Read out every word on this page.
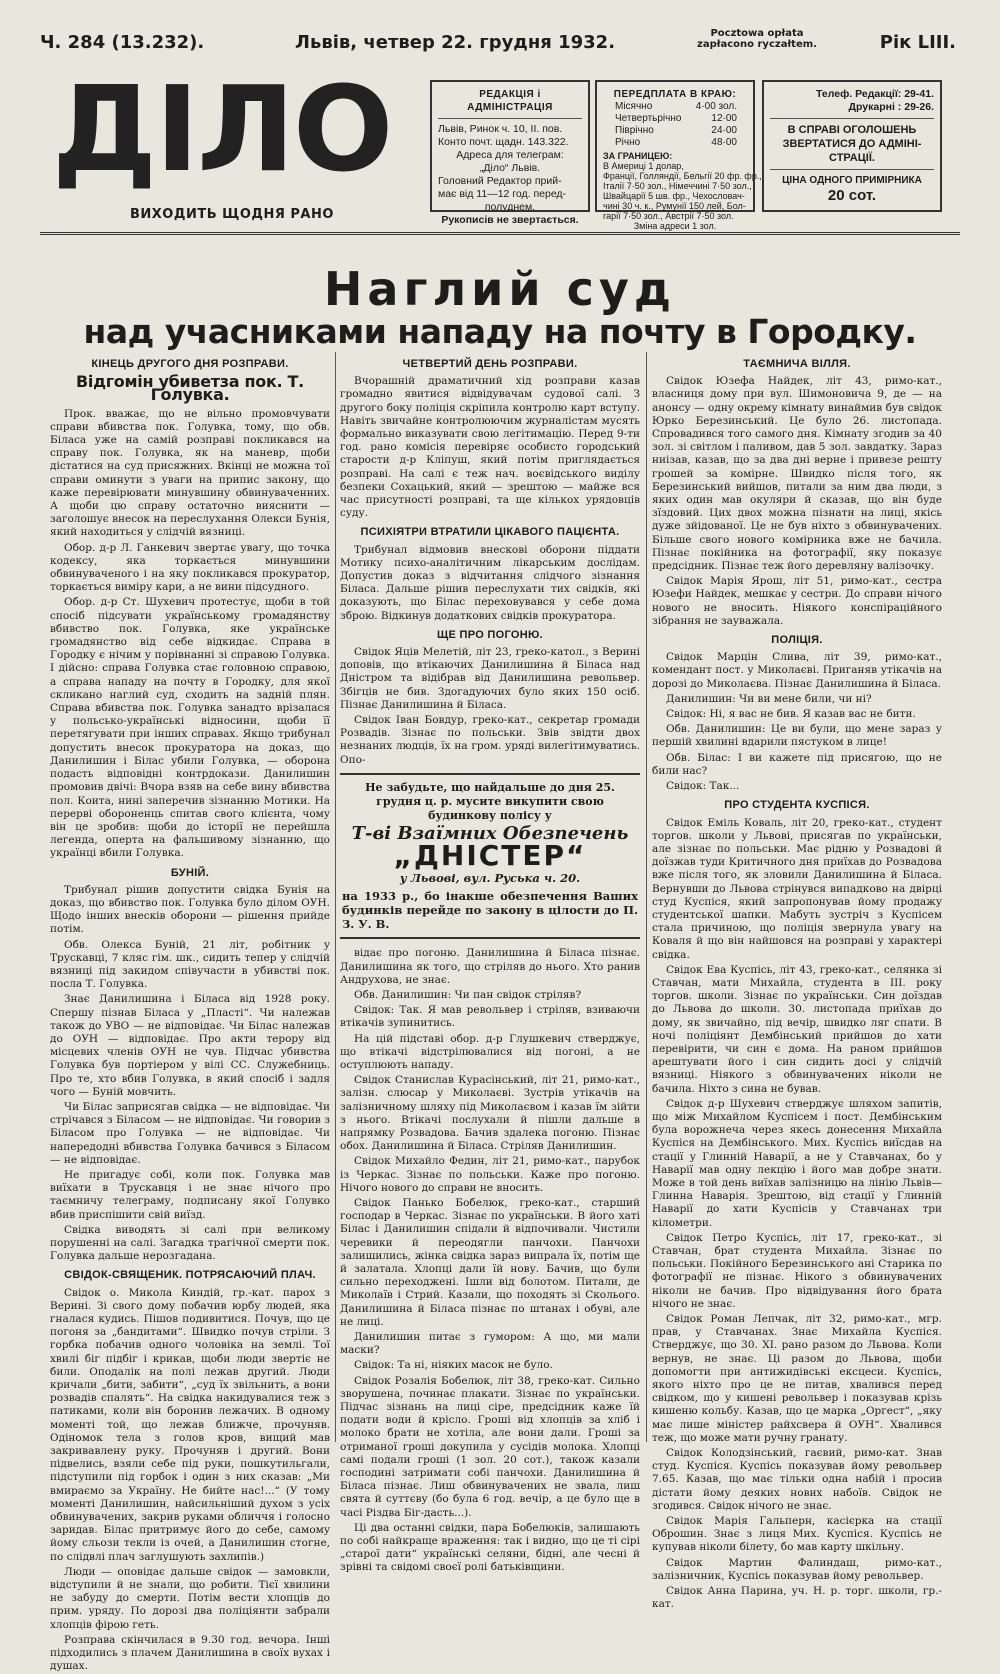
Ч. 284 (13.232).	Львів, четвер 22. грудня 1932.	Pocztowa opłata
zapłacono ryczałtem.	Рік LIII.
ДІЛО
ВИХОДИТЬ ЩОДНЯ РАНО
РЕДАКЦІЯ і АДМІНІСТРАЦІЯ
Львів, Ринок ч. 10, II. пов.
Конто почт. щадн. 143.322.
Адреса для телеграм:
„Діло“ Львів.
Головний Редактор прий-
має від 11—12 год. перед-
полуднем.
Рукописів не звертається.
ПЕРЕДПЛАТА В КРАЮ:
Місячно	4·00 зол.
Четвертьрічно	12·00
Піврічно	24·00
Річно	48·00
ЗА ГРАНИЦЕЮ:
В Америці 1 долар,
Франції, Голляндії, Бельгії 20 фр. фр.,
Італії 7·50 зол., Німеччині 7·50 зол.,
Швайцарії 5 шв. фр., Чехословач-
чині 30 ч. к., Румунії 150 лей, Бол-
гарії 7·50 зол., Австрії 7·50 зол.
Зміна адреси 1 зол.
Телеф. Редакції: 29-41.
Друкарні : 29-26.
В СПРАВІ ОГОЛОШЕНЬ ЗВЕРТАТИСЯ ДО АДМІНІ-СТРАЦІЇ.
ЦІНА ОДНОГО ПРИМІРНИКА
20 сот.
Наглий суд
над учасниками нападу на почту в Городку.
КІНЕЦЬ ДРУГОГО ДНЯ РОЗПРАВИ.
Відгомін убиветза пок. Т. Голувка.

Прок. вважає, що не вільно промовчувати справи вбивства пок. Голувка, тому, що обв. Біласа уже на самій розправі покликався на справу пок. Голувка, як на маневр, щоби дістатися на суд присяжних. Вкінці не можна тої справи оминути з уваги на припис закону, що каже перевірювати минувшину обвинуваченних. А щоби цю справу остаточно вияснити — заголошує внесок на переслухання Олекси Бунія, який находиться у слідчій вязниці.

Обор. д-р Л. Ганкевич звертає увагу, що точка кодексу, яка торкається минувшини обвинуваченого і на яку покликався прокуратор, торкається виміру кари, а не вини підсудного.

Обор. д-р Ст. Шухевич протестує, щоби в той спосіб підсувати українському громадянству вбивство пок. Голувка, яке українське громадянство від себе відкидає. Справа в Городку є нічим у порівнанні зі справою Голувка. І дійсно: справа Голувка стає головною справою, а справа нападу на почту в Городку, для якої скликано наглий суд, сходить на задній плян. Справа вбивства пок. Голувка занадто врізалася у польсько-українські відносини, щоби її перетягувати при інших справах. Якщо трибунал допустить внесок прокуратора на доказ, що Данилишин і Білас убили Голувка, — оборона подасть відповідні контрдокази. Данилишин промовив двічі: Вчора взяв на себе вину вбивства пол. Коита, нині заперечив зізнанню Мотики. На перерві обороненць спитав свого клієнта, чому він це зробив: щоби до історії не перейшла легенда, оперта на фальшивому зізнанню, що українці вбили Голувка.

БУНІЙ.

Трибунал рішив допустити свідка Бунія на доказ, що вбивство пок. Голувка було ділом ОУН. Щодо інших внесків оборони — рішення прийде потім.

Обв. Олекса Буній, 21 літ, робітник у Трускавці, 7 кляс гім. шк., сидить тепер у слідчій вязниці під закидом співучасти в убивстві пок. посла Т. Голувка.

Знає Данилишина і Біласа від 1928 року. Спершу пізнав Біласа у „Пласті“. Чи належав також до УВО — не відповідає. Чи Білас належав до ОУН — відповідає. Про акти терору від місцевих членів ОУН не чув. Підчас убивства Голувка був портіером у вілі СС. Служебниць. Про те, хто вбив Голувка, в який спосіб і задля чого — Буній мовчить.

Чи Білас заприсягав свідка — не відповідає. Чи стрічався з Біласом — не відповідає. Чи говорив з Біласом про Голувка — не відповідає. Чи напередодні вбивства Голувка бачився з Біласом — не відповідає.

Не пригадує собі, коли пок. Голувка мав виїхати в Трускавця і не знає нічого про таємничу телеграму, подписану якої Голувко вбив приспішити свій виїзд.

Свідка виводять зі салі при великому порушенні на салі. Загадка трагічної смерти пок. Голувка дальше нерозгадана.

СВІДОК-СВЯЩЕНИК. ПОТРЯСАЮЧИЙ ПЛАЧ.

Свідок о. Микола Киндій, гр.-кат. парох з Верині. Зі свого дому побачив юрбу людей, яка гналася кудись. Пішов подивитися. Почув, що це погоня за „бандитами“. Швидко почув стріли. З горбка побачив одного чоловіка на землі. Тої хвилі біг підбіг і крикав, щоби люди звертіє не били. Оподалік на полі лежав другий. Люди кричали „бити, забити“, „суд їх звільнить, а вони розвадів спалять“. На свідка накидувалися теж з патиками, коли він боронив лежачих. В одному моменті той, що лежав ближче, прочуняв. Одіномок тела з голов кров, вищий мав закривавлену руку. Прочуняв і другий. Вони підвелись, взяли себе під руки, пошкутильгали, підступили під горбок і один з них сказав: „Ми вмираємо за Україну. Не бийте нас!...“ (У тому моменті Данилишин, найсильніший духом з усіх обвинувачених, закрив руками обличчя і голосно заридав. Білас притримує його до себе, самому йому сльози текли із очей, а Данилишин стогне, по слідвлі плач заглушують захлипів.)

Люди — оповідає дальше свідок — замовкли, відступили й не знали, що робити. Тієї хвилини не забуду до смерти. Потім вести хлопців до прим. уряду. По дорозі два поліціянти забрали хлопців фірою геть.

Розправа скінчилася в 9.30 год. вечора. Інші підходились з плачем Данилишина в своїх вухах і душах.

ЧЕТВЕРТИЙ ДЕНЬ РОЗПРАВИ.

Вчорашній драматичний хід розправи казав громадно явитися відвідувачам судової салі. З другого боку поліція скріпила контролю карт вступу. Навіть звичайне контролюючим журналістам мусять формально виказувати свою легітимацію. Перед 9-ти год. рано комісія перевіряє особисто городський старости д-р Кліпуш, який потім приглядається розправі. На салі є теж нач. воєвідського виділу безпеки Сохацький, який — зрештою — майже вся час присутності розправі, та ще кількох урядовців суду.

ПСИХІЯТРИ ВТРАТИЛИ ЦІКАВОГО ПАЦІЄНТА.

Трибунал відмовив внескові оборони піддати Мотику психо-аналітичним лікарським дослідам. Допустив доказ з відчитання слідчого зізнання Біласа. Дальше рішив переслухати тих свідків, які доказують, що Білас переховувався у себе дома зброю. Відкинув додаткових свідків прокуратора.

ЩЕ ПРО ПОГОНЮ.

Свідок Яців Мелетій, літ 23, греко-катол., з Верині доповів, що втікаючих Данилишина й Біласа над Дністром та відібрав від Данилишина револьвер. Збігців не бив. Здогадуючих було яких 150 осіб. Пізнає Данилишина й Біласа.

Свідок Іван Бовдур, греко-кат., секретар громади Розвадів. Зізнає по польськи. Звів звідти двох незнаних людців, їх на гром. уряді вилегітимуватись. Опо-

Не забудьте, що найдальше до дня 25. грудня ц. р. мусите викупити свою будинкову полісу у
Т-ві Взаїмних Обезпечень
„ДНІСТЕР“
у Львові, вул. Руська ч. 20.
на 1933 р., бо інакше обезпечення Ваших будинків перейде по закону в цілости до П. З. У. В.

відає про погоню. Данилишина й Біласа пізнає. Данилишина як того, що стріляв до нього. Хто ранив Андрухова, не знає.

Обв. Данилишин: Чи пан свідок стріляв?

Свідок: Так. Я мав револьвер і стріляв, взиваючи втікачів зупинитись.

На цій підставі обор. д-р Глушкевич стверджує, що втікачі відстрілювалися від погоні, а не оступлюють нападу.

Свідок Станислав Курасінський, літ 21, римо-кат., залізн. слюсар у Миколаєві. Зустрів утікачів на залізничному шляху під Миколаєвом і казав їм зійти з нього. Втікачі послухали й пішли дальше в напрямку Розвадова. Бачив здалека погоню. Пізнає обох. Данилишина й Біласа. Стріляв Данилишин.

Свідок Михайло Федин, літ 21, римо-кат., парубок із Черкас. Зізнає по польськи. Каже про погоню. Нічого нового до справи не вносить.

Свідок Панько Бобелюк, греко-кат., старший господар в Черкас. Зізнає по українськи. В його хаті Білас і Данилишин спідали й відпочивали. Чистили черевики й переодягли панчохи. Панчохи залишились, жінка свідка зараз випрала їх, потім ще й залатала. Хлопці дали їй нову. Бачив, що були сильно переходжені. Ішли від болотом. Питали, де Миколаїв і Стрий. Казали, що походять зі Сколього. Данилишина й Біласа пізнає по штанах і обуві, але не лиці.

Данилишин питає з гумором: А що, ми мали маски?

Свідок: Та ні, ніяких масок не було.

Свідок Розалія Бобелюк, літ 38, греко-кат. Сильно зворушена, починає плакати. Зізнає по українськи. Підчас зізнань на лиці сіре, предсідник каже їй подати води й крісло. Гроші від хлопців за хліб і молоко брати не хотіла, але вони дали. Гроші за отриманої гроші докупила у сусідів молока. Хлопці самі подали гроші (1 зол. 20 сот.), також казали господині затримати собі панчохи. Данилишина й Біласа пізнає. Лиш обвинувачених не звала, лиш свята й суттєву (бо була 6 год. вечір, а це було ще в часі Різдва Біг-дасть...).

Ці два останні свідки, пара Бобелюків, залишають по собі найкраще враження: так і видно, що це ті сірі „старої дати“ українські селяни, бідні, але чесні й зрівні та свідомі своєї ролі батьківщини.

ТАЄМНИЧА ВІЛЛЯ.

Свідок Юзефа Найдек, літ 43, римо-кат., власниця дому при вул. Шимоновича 9, де — на анонсу — одну окрему кімнату винаймив був свідок Юрко Березинський. Це було 26. листопада. Спровадився того самого дня. Кімнату згодив за 40 зол. зі світлом і паливом, дав 5 зол. завдатку. Зараз ниізав, казав, що за два дні верне і привезе решту грошей за комірне. Швидко після того, як Березинський вийшов, питали за ним два люди, з яких один мав окуляри й сказав, що він буде зїздовий. Цих двох можна пізнати на лиці, якісь дуже зйідованої. Це не був ніхто з обвинувачених. Більше свого нового комірника вже не бачила. Пізнає покійника на фотографії, яку показує предсідник. Пізнає теж його деревляну валізочку.

Свідок Марія Ярош, літ 51, римо-кат., сестра Юзефи Найдек, мешкає у сестри. До справи нічого нового не вносить. Ніякого конспіраційного зібрання не зауважала.

ПОЛІЦІЯ.

Свідок Марцін Слива, літ 39, римо-кат., комендант пост. у Миколаєві. Приганяв утікачів на дорозі до Миколаєва. Пізнає Данилишина й Біласа.

Данилишин: Чи ви мене били, чи ні?

Свідок: Ні, я вас не бив. Я казав вас не бити.

Обв. Данилишин: Це ви були, що мене зараз у першій хвилині вдарили пястуком в лице!

Обв. Білас: І ви кажете під присягою, що не били нас?

Свідок: Так...

ПРО СТУДЕНТА КУСПІСЯ.

Свідок Еміль Коваль, літ 20, греко-кат., студент торгов. школи у Львові, присягав по українськи, але зізнає по польськи. Має рідню у Розвадові й доїзжав туди Критичного дня приїхав до Розвадова вже після того, як зловили Данилишина й Біласа. Вернувши до Львова стрінувся випадково на двірці студ Куспіся, який запропонував йому продажу студентської шапки. Мабуть зустріч з Куспісем стала причиною, що поліція звернула увагу на Коваля й що він найшовся на розправі у характері свідка.

Свідок Ева Куспісь, літ 43, греко-кат., селянка зі Ставчан, мати Михайла, студента в ІІІ. року торгов. школи. Зізнає по українськи. Син доїздав до Львова до школи. 30. листопада приїхав до дому, як звичайно, під вечір, швидко ляг спати. В ночі поліціянт Дембінський прийшов до хати перевірити, чи син є дома. На раном прийшов арештувати його і син сидить досі у слідчій вязниці. Ніякого з обвинувачених ніколи не бачила. Ніхто з сина не бував.

Свідок д-р Шухевич стверджує шляхом запитів, що між Михайлом Куспісем і пост. Дембінським була ворожнеча через якесь донесення Михайла Куспіся на Дембінського. Мих. Куспісь виїсдав на стації у Глинній Наварії, а не у Ставчанах, бо у Наварії мав одну лекцію і його мав добре знати. Може в той день виїхав залізницю на лінію Львів—Глинна Наварія. Зрештою, від стації у Глинній Наварії до хати Куспісів у Ставчанах три кілометри.

Свідок Петро Куспісь, літ 17, греко-кат., зі Ставчан, брат студента Михайла. Зізнає по польськи. Покійного Березинського ані Старика по фотографії не пізнає. Нікого з обвинувачених ніколи не бачив. Про відвідування його брата нічого не знає.

Свідок Роман Лепчак, літ 32, римо-кат., мгр. прав, у Ставчанах. Знає Михайла Куспіся. Стверджує, що 30. ХІ. рано разом до Львова. Коли вернув, не знає. Ці разом до Львова, щоби допомогти при антижидівські ексцеси. Куспісь, якого ніхто про це не питав, хвалився перед свідком, що у кишені револьвер і показував крізь кишеню кольбу. Казав, що це марка „Оргест“, „яку має лише міністер райхсвера й ОУН“. Хвалився теж, що може мати ручну гранату.

Свідок Колодзінський, гаєвий, римо-кат. Знав студ. Куспіся. Куспісь показував йому револьвер 7.65. Казав, що має тільки одна набій і просив дістати йому деяких нових набоїв. Свідок не згодився. Свідок нічого не знає.

Свідок Марія Гальперн, касієрка на стації Оброшин. Знає з лиця Мих. Куспіся. Куспісь не купував ніколи білету, бо мав карту шкільну.

Свідок Мартин Фалиндаш, римо-кат., залізничник, Куспісь показував йому револьвер.

Свідок Анна Парина, уч. Н. р. торг. школи, гр.-кат.
